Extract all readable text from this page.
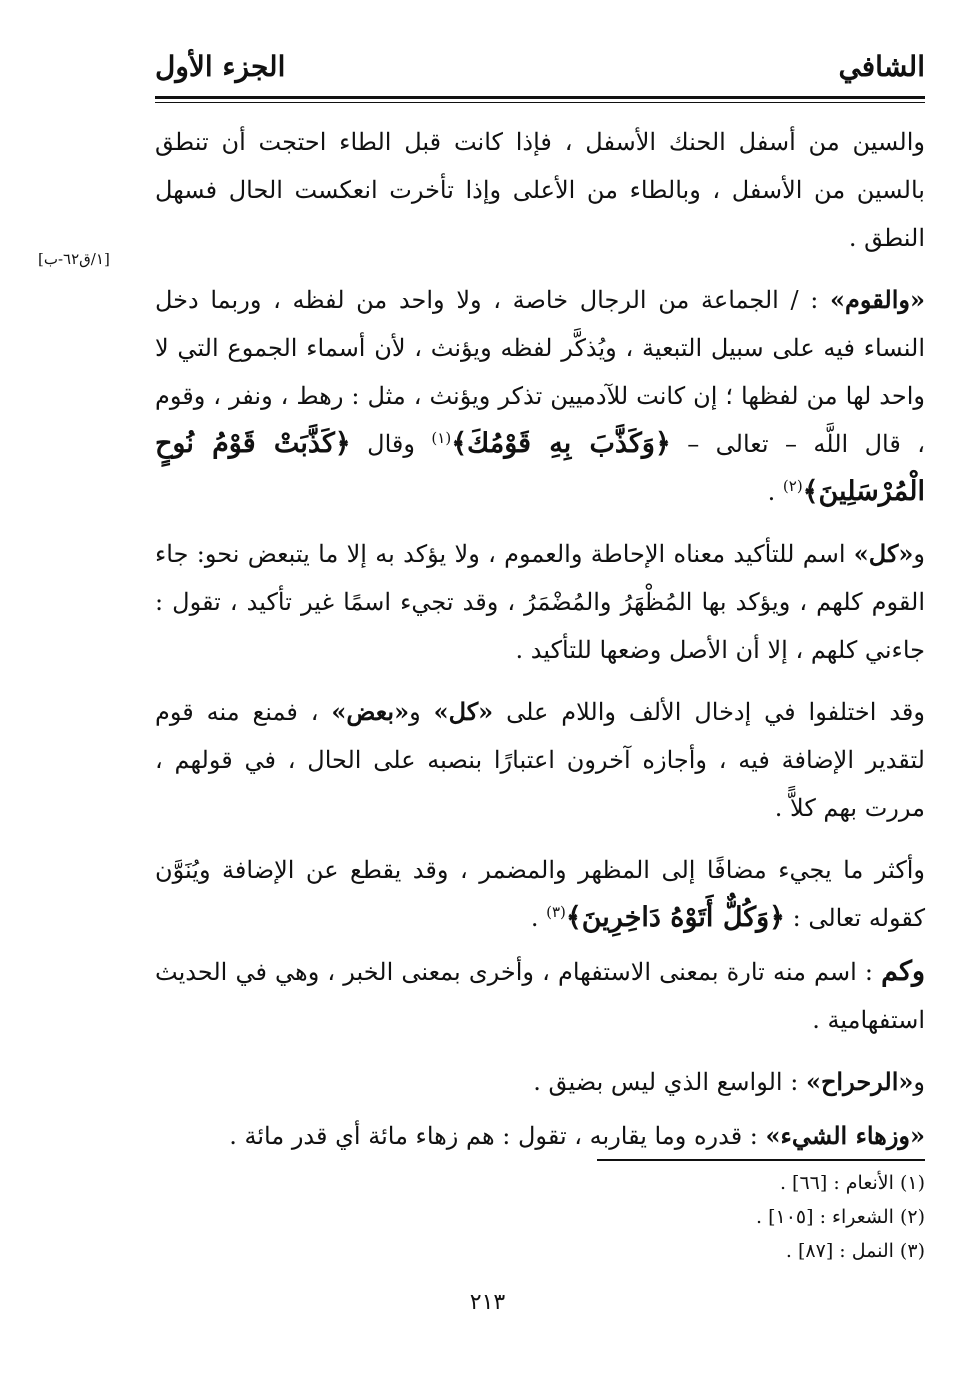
الشافي
الجزء الأول
[١/ق٦٢-ب]

والسين من أسفل الحنك الأسفل ، فإذا كانت قبل الطاء احتجت أن تنطق بالسين من الأسفل ، وبالطاء من الأعلى وإذا تأخرت انعكست الحال فسهل النطق .

«والقوم» : / الجماعة من الرجال خاصة ، ولا واحد من لفظه ، وربما دخل النساء فيه على سبيل التبعية ، ويُذكَّر لفظه ويؤنث ، لأن أسماء الجموع التي لا واحد لها من لفظها ؛ إن كانت للآدميين تذكر ويؤنث ، مثل : رهط ، ونفر ، وقوم ، قال اللَّه – تعالى – ﴿وَكَذَّبَ بِهِ قَوْمُكَ﴾$^{(١)}$ وقال ﴿كَذَّبَتْ قَوْمُ نُوحٍ الْمُرْسَلِينَ﴾$^{(٢)}$ .

و«كل» اسم للتأكيد معناه الإحاطة والعموم ، ولا يؤكد به إلا ما يتبعض نحو: جاء القوم كلهم ، ويؤكد بها المُظْهَرُ والمُضْمَرُ ، وقد تجيء اسمًا غير تأكيد ، تقول : جاءني كلهم ، إلا أن الأصل وضعها للتأكيد .

وقد اختلفوا في إدخال الألف واللام على «كل» و«بعض» ، فمنع منه قوم لتقدير الإضافة فيه ، وأجازه آخرون اعتبارًا بنصبه على الحال ، في قولهم ، مررت بهم كلاًّ .

وأكثر ما يجيء مضافًا إلى المظهر والمضمر ، وقد يقطع عن الإضافة ويُنَوَّن كقوله تعالى : ﴿وَكُلٌّ أَتَوْهُ دَاخِرِينَ﴾$^{(٣)}$ .

وكم : اسم منه تارة بمعنى الاستفهام ، وأخرى بمعنى الخبر ، وهي في الحديث استفهامية .

و«الرحراح» : الواسع الذي ليس بضيق .

«وزهاء الشيء» : قدره وما يقاربه ، تقول : هم زهاء مائة أي قدر مائة .

(١) الأنعام : [٦٦] .
(٢) الشعراء : [١٠٥] .
(٣) النمل : [٨٧] .
٢١٣
